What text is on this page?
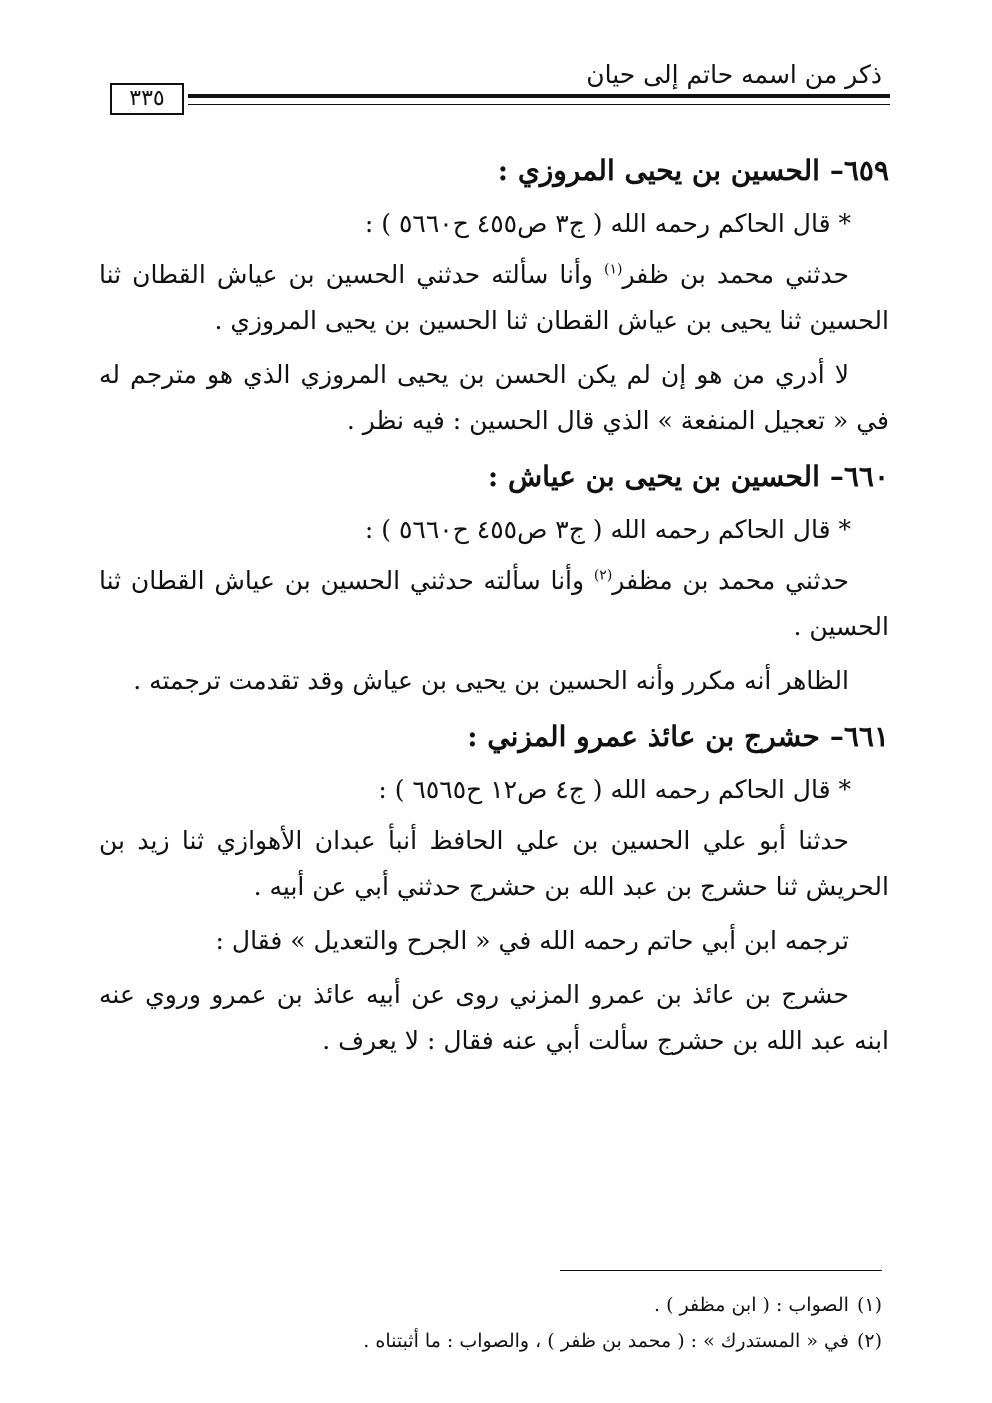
ذكر من اسمه حاتم إلى حيان
٣٣٥
٦٥٩–الحسين بن يحيى المروزي :
* قال الحاكم رحمه الله ( ج٣ ص٤٥٥ ح٥٦٦٠ ) :

حدثني محمد بن ظفر$^{(١)}$ وأنا سألته حدثني الحسين بن عياش القطان ثنا الحسين ثنا يحيى بن عياش القطان ثنا الحسين بن يحيى المروزي .

لا أدري من هو إن لم يكن الحسن بن يحيى المروزي الذي هو مترجم له في « تعجيل المنفعة » الذي قال الحسين : فيه نظر .

٦٦٠–الحسين بن يحيى بن عياش :
* قال الحاكم رحمه الله ( ج٣ ص٤٥٥ ح٥٦٦٠ ) :

حدثني محمد بن مظفر$^{(٢)}$ وأنا سألته حدثني الحسين بن عياش القطان ثنا الحسين .

الظاهر أنه مكرر وأنه الحسين بن يحيى بن عياش وقد تقدمت ترجمته .

٦٦١–حشرج بن عائذ عمرو المزني :
* قال الحاكم رحمه الله ( ج٤ ص١٢ ح٦٥٦٥ ) :

حدثنا أبو علي الحسين بن علي الحافظ أنبأ عبدان الأهوازي ثنا زيد بن الحريش ثنا حشرج بن عبد الله بن حشرج حدثني أبي عن أبيه .

ترجمه ابن أبي حاتم رحمه الله في « الجرح والتعديل » فقال :

حشرج بن عائذ بن عمرو المزني روى عن أبيه عائذ بن عمرو وروي عنه ابنه عبد الله بن حشرج سألت أبي عنه فقال : لا يعرف .

(١)الصواب : ( ابن مظفر ) .

(٢)في « المستدرك » : ( محمد بن ظفر ) ، والصواب : ما أثبتناه .
